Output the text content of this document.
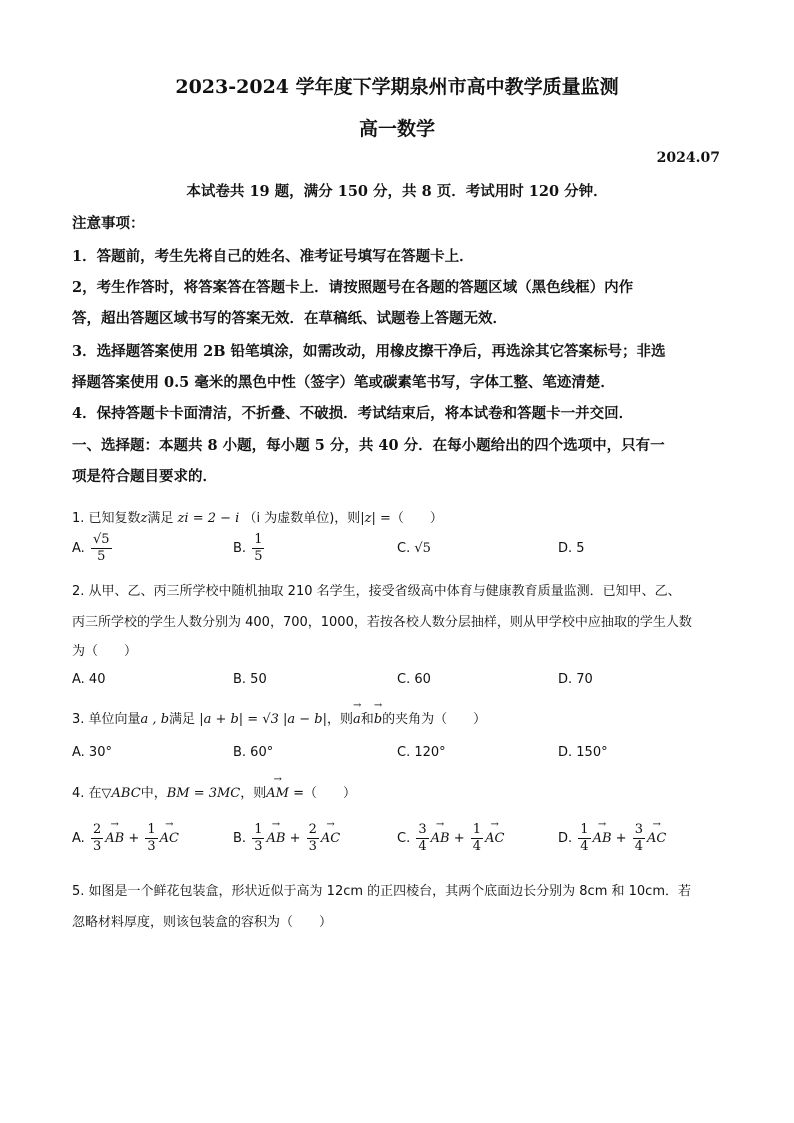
2023-2024 学年度下学期泉州市高中教学质量监测
高一数学
2024.07
本试卷共 19 题，满分 150 分，共 8 页．考试用时 120 分钟．
注意事项：
1．答题前，考生先将自己的姓名、准考证号填写在答题卡上．
2，考生作答时，将答案答在答题卡上．请按照题号在各题的答题区域（黑色线框）内作
答，超出答题区域书写的答案无效．在草稿纸、试题卷上答题无效．
3．选择题答案使用 2B 铅笔填涂，如需改动，用橡皮擦干净后，再选涂其它答案标号；非选
择题答案使用 0.5 毫米的黑色中性（签字）笔或碳素笔书写，字体工整、笔迹清楚．
4．保持答题卡卡面清洁，不折叠、不破损．考试结束后，将本试卷和答题卡一并交回．
一、选择题：本题共 8 小题，每小题 5 分，共 40 分．在每小题给出的四个选项中，只有一
项是符合题目要求的．
1. 已知复数z满足 zi = 2 − i （i 为虚数单位)，则|z| =（　　）
A. $\frac{√5}{5}$	B. $\frac{1}{5}$	C. √5	D. 5
2. 从甲、乙、丙三所学校中随机抽取 210 名学生，接受省级高中体育与健康教育质量监测．已知甲、乙、
丙三所学校的学生人数分别为 400，700，1000，若按各校人数分层抽样，则从甲学校中应抽取的学生人数
为（　　）
A. 40	B. 50	C. 60	D. 70
3. 单位向量a , b满足 |a + b| = √3 |a − b|，则→ a和→ b的夹角为（　　）
A. 30°	B. 60°	C. 120°	D. 150°
4. 在▽ABC中，BM = 3MC，则→ AM =（　　）
A. $\frac{2}{3}$ → AB + $\frac{1}{3}$ → AC	B. $\frac{1}{3}$ → AB + $\frac{2}{3}$ → AC	C. $\frac{3}{4}$ → AB + $\frac{1}{4}$ → AC	D. $\frac{1}{4}$ → AB + $\frac{3}{4}$ → AC
5. 如图是一个鲜花包装盒，形状近似于高为 12cm 的正四棱台，其两个底面边长分别为 8cm 和 10cm．若
忽略材料厚度，则该包装盒的容积为（　　）
